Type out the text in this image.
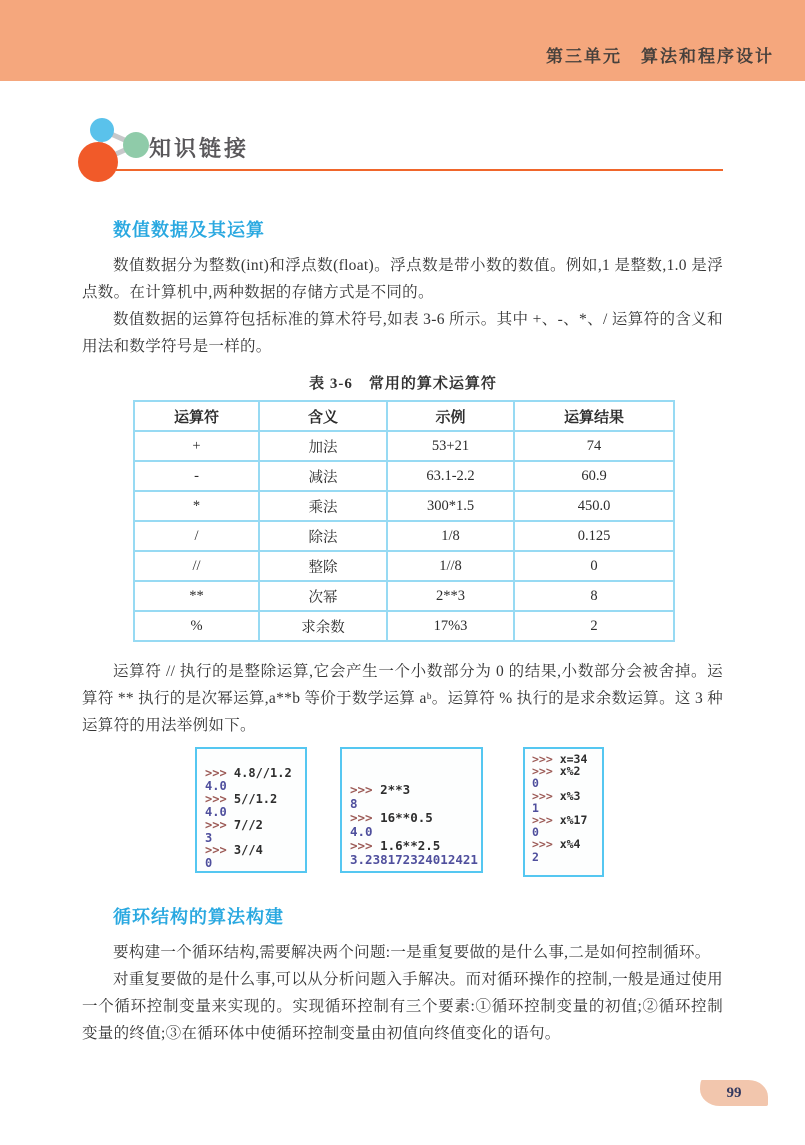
第三单元　算法和程序设计
知识链接
数值数据及其运算

数值数据分为整数(int)和浮点数(float)。浮点数是带小数的数值。例如,1 是整数,1.0 是浮点数。在计算机中,两种数据的存储方式是不同的。

数值数据的运算符包括标准的算术符号,如表 3-6 所示。其中 +、-、*、/ 运算符的含义和用法和数学符号是一样的。

表 3-6　常用的算术运算符
运算符	含义	示例	运算结果
+	加法	53+21	74
-	减法	63.1-2.2	60.9
*	乘法	300*1.5	450.0
/	除法	1/8	0.125
//	整除	1//8	0
**	次幂	2**3	8
%	求余数	17%3	2

运算符 // 执行的是整除运算,它会产生一个小数部分为 0 的结果,小数部分会被舍掉。运算符 ** 执行的是次幂运算,a**b 等价于数学运算 aᵇ。运算符 % 执行的是求余数运算。这 3 种运算符的用法举例如下。

>>> 4.8//1.2
4.0
>>> 5//1.2
4.0
>>> 7//2
3
>>> 3//4
0
>>> 2**3
8
>>> 16**0.5
4.0
>>> 1.6**2.5
3.238172324012421
>>> x=34
>>> x%2
0
>>> x%3
1
>>> x%17
0
>>> x%4
2
循环结构的算法构建

要构建一个循环结构,需要解决两个问题:一是重复要做的是什么事,二是如何控制循环。

对重复要做的是什么事,可以从分析问题入手解决。而对循环操作的控制,一般是通过使用一个循环控制变量来实现的。实现循环控制有三个要素:①循环控制变量的初值;②循环控制变量的终值;③在循环体中使循环控制变量由初值向终值变化的语句。

99
